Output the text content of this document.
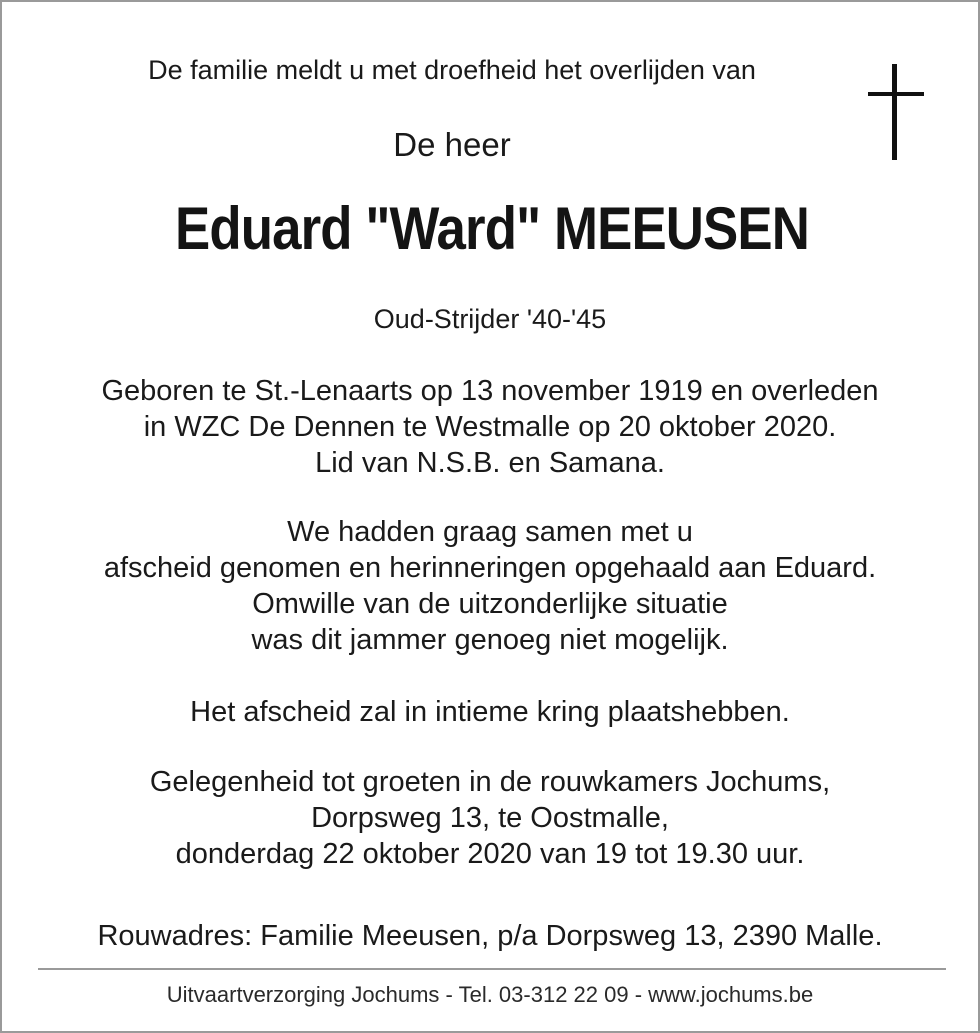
De familie meldt u met droefheid het overlijden van
De heer
Eduard "Ward" MEEUSEN
Oud-Strijder '40-'45
Geboren te St.-Lenaarts op 13 november 1919 en overleden
in WZC De Dennen te Westmalle op 20 oktober 2020.
Lid van N.S.B. en Samana.
We hadden graag samen met u
afscheid genomen en herinneringen opgehaald aan Eduard.
Omwille van de uitzonderlijke situatie
was dit jammer genoeg niet mogelijk.
Het afscheid zal in intieme kring plaatshebben.
Gelegenheid tot groeten in de rouwkamers Jochums,
Dorpsweg 13, te Oostmalle,
donderdag 22 oktober 2020 van 19 tot 19.30 uur.
Rouwadres: Familie Meeusen, p/a Dorpsweg 13, 2390 Malle.
Uitvaartverzorging Jochums - Tel. 03-312 22 09 - www.jochums.be
